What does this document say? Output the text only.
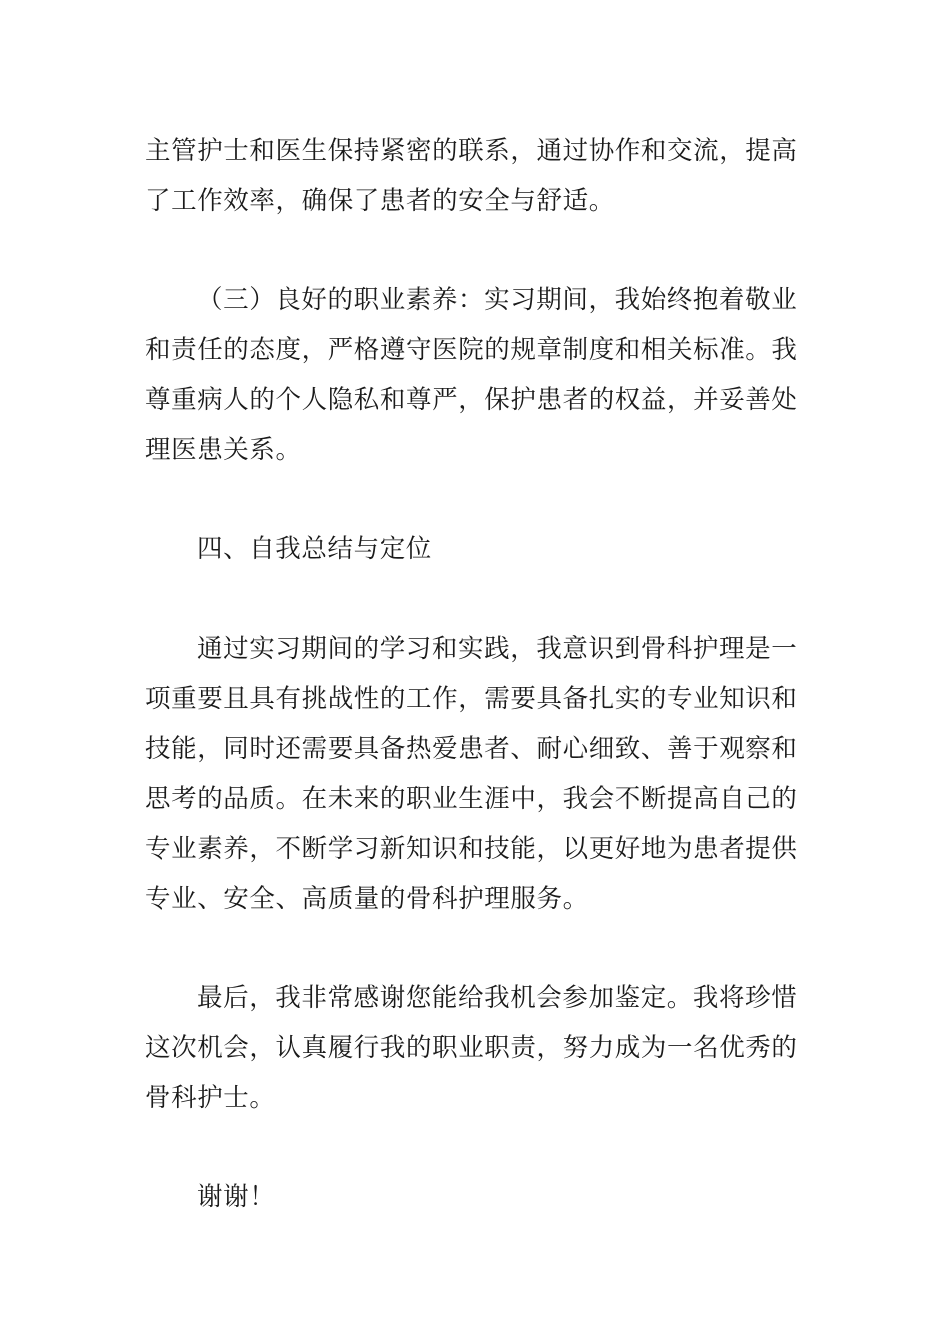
主管护士和医生保持紧密的联系，通过协作和交流，提高
了工作效率，确保了患者的安全与舒适。
（三）良好的职业素养：实习期间，我始终抱着敬业
和责任的态度，严格遵守医院的规章制度和相关标准。我
尊重病人的个人隐私和尊严，保护患者的权益，并妥善处
理医患关系。
四、自我总结与定位
通过实习期间的学习和实践，我意识到骨科护理是一
项重要且具有挑战性的工作，需要具备扎实的专业知识和
技能，同时还需要具备热爱患者、耐心细致、善于观察和
思考的品质。在未来的职业生涯中，我会不断提高自己的
专业素养，不断学习新知识和技能，以更好地为患者提供
专业、安全、高质量的骨科护理服务。
最后，我非常感谢您能给我机会参加鉴定。我将珍惜
这次机会，认真履行我的职业职责，努力成为一名优秀的
骨科护士。
谢谢！
